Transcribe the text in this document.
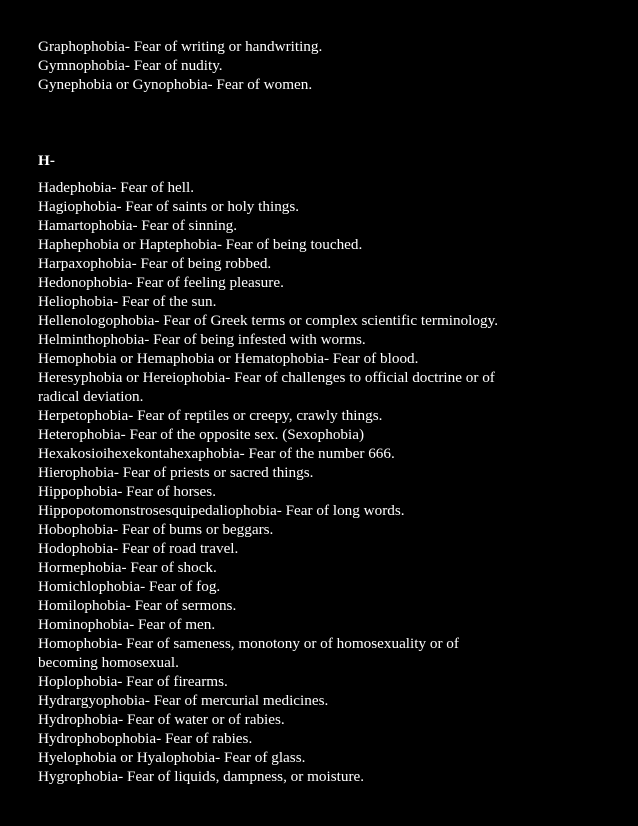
Graphophobia- Fear of writing or handwriting.
Gymnophobia- Fear of nudity.
Gynephobia or Gynophobia- Fear of women.
H-
Hadephobia- Fear of hell.
Hagiophobia- Fear of saints or holy things.
Hamartophobia- Fear of sinning.
Haphephobia or Haptephobia- Fear of being touched.
Harpaxophobia- Fear of being robbed.
Hedonophobia- Fear of feeling pleasure.
Heliophobia- Fear of the sun.
Hellenologophobia- Fear of Greek terms or complex scientific terminology.
Helminthophobia- Fear of being infested with worms.
Hemophobia or Hemaphobia or Hematophobia- Fear of blood.
Heresyphobia or Hereiophobia- Fear of challenges to official doctrine or of
radical deviation.
Herpetophobia- Fear of reptiles or creepy, crawly things.
Heterophobia- Fear of the opposite sex. (Sexophobia)
Hexakosioihexekontahexaphobia- Fear of the number 666.
Hierophobia- Fear of priests or sacred things.
Hippophobia- Fear of horses.
Hippopotomonstrosesquipedaliophobia- Fear of long words.
Hobophobia- Fear of bums or beggars.
Hodophobia- Fear of road travel.
Hormephobia- Fear of shock.
Homichlophobia- Fear of fog.
Homilophobia- Fear of sermons.
Hominophobia- Fear of men.
Homophobia- Fear of sameness, monotony or of homosexuality or of
becoming homosexual.
Hoplophobia- Fear of firearms.
Hydrargyophobia- Fear of mercurial medicines.
Hydrophobia- Fear of water or of rabies.
Hydrophobophobia- Fear of rabies.
Hyelophobia or Hyalophobia- Fear of glass.
Hygrophobia- Fear of liquids, dampness, or moisture.
